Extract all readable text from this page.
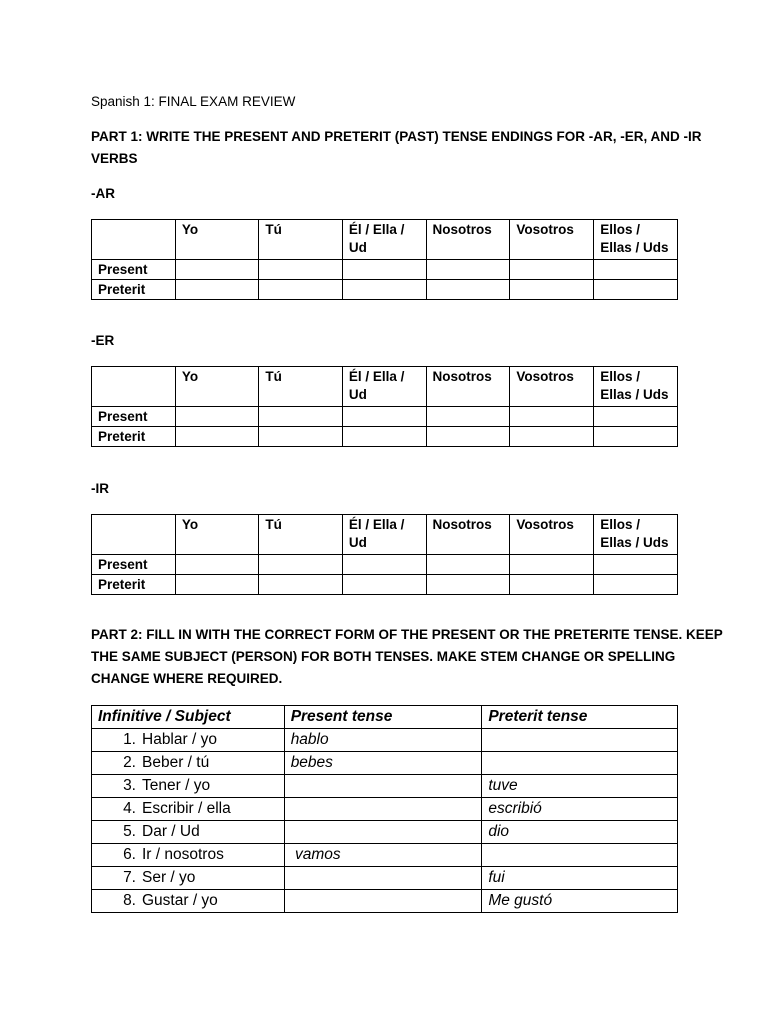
Spanish 1: FINAL EXAM REVIEW
PART 1: WRITE THE PRESENT AND PRETERIT (PAST) TENSE ENDINGS FOR -AR, -ER, AND -IR
VERBS
-AR
	Yo	Tú	Él / Ella / Ud	Nosotros	Vosotros	Ellos / Ellas / Uds
Present						
Preterit						
-ER
	Yo	Tú	Él / Ella / Ud	Nosotros	Vosotros	Ellos / Ellas / Uds
Present						
Preterit						
-IR
	Yo	Tú	Él / Ella / Ud	Nosotros	Vosotros	Ellos / Ellas / Uds
Present						
Preterit						
PART 2: FILL IN WITH THE CORRECT FORM OF THE PRESENT OR THE PRETERITE TENSE. KEEP
THE SAME SUBJECT (PERSON) FOR BOTH TENSES. MAKE STEM CHANGE OR SPELLING
CHANGE WHERE REQUIRED.
Infinitive / Subject	Present tense	Preterit tense
1. Hablar / yo	hablo	
2. Beber / tú	bebes	
3. Tener / yo		tuve
4. Escribir / ella		escribió
5. Dar / Ud		dio
6. Ir / nosotros	vamos	
7. Ser / yo		fui
8. Gustar / yo		Me gustó
